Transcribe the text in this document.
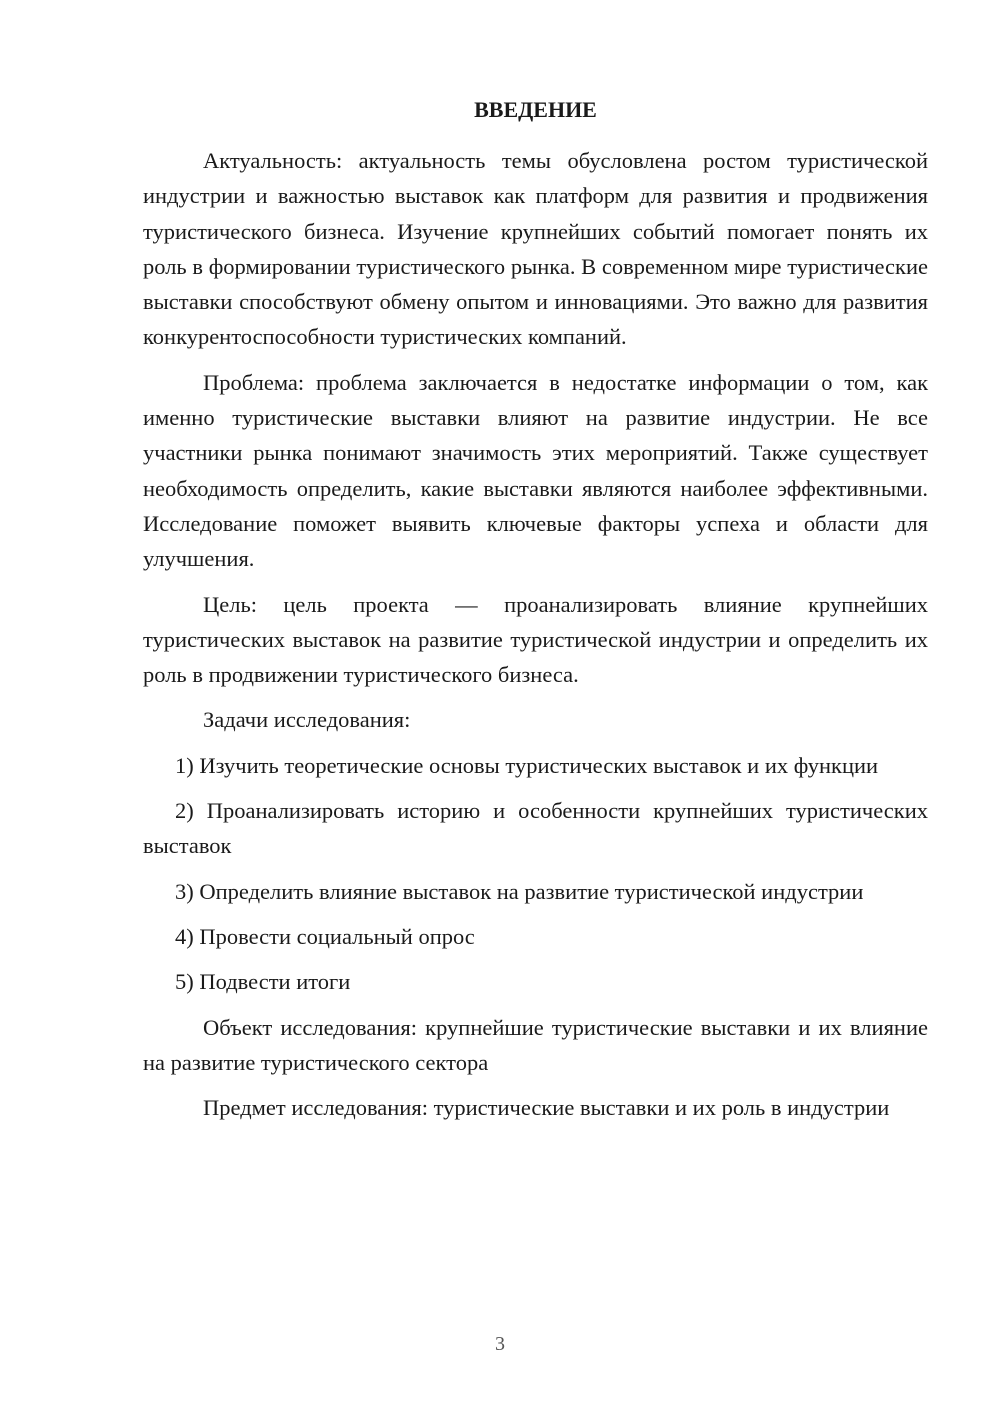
ВВЕДЕНИЕ

Актуальность: актуальность темы обусловлена ростом туристической индустрии и важностью выставок как платформ для развития и продвижения туристического бизнеса. Изучение крупнейших событий помогает понять их роль в формировании туристического рынка. В современном мире туристические выставки способствуют обмену опытом и инновациями. Это важно для развития конкурентоспособности туристических компаний.

Проблема: проблема заключается в недостатке информации о том, как именно туристические выставки влияют на развитие индустрии. Не все участники рынка понимают значимость этих мероприятий. Также существует необходимость определить, какие выставки являются наиболее эффективными. Исследование поможет выявить ключевые факторы успеха и области для улучшения.

Цель: цель проекта — проанализировать влияние крупнейших туристических выставок на развитие туристической индустрии и определить их роль в продвижении туристического бизнеса.

Задачи исследования:

1) Изучить теоретические основы туристических выставок и их функции

2) Проанализировать историю и особенности крупнейших туристических выставок

3) Определить влияние выставок на развитие туристической индустрии

4) Провести социальный опрос

5) Подвести итоги

Объект исследования: крупнейшие туристические выставки и их влияние на развитие туристического сектора

Предмет исследования: туристические выставки и их роль в индустрии

3
